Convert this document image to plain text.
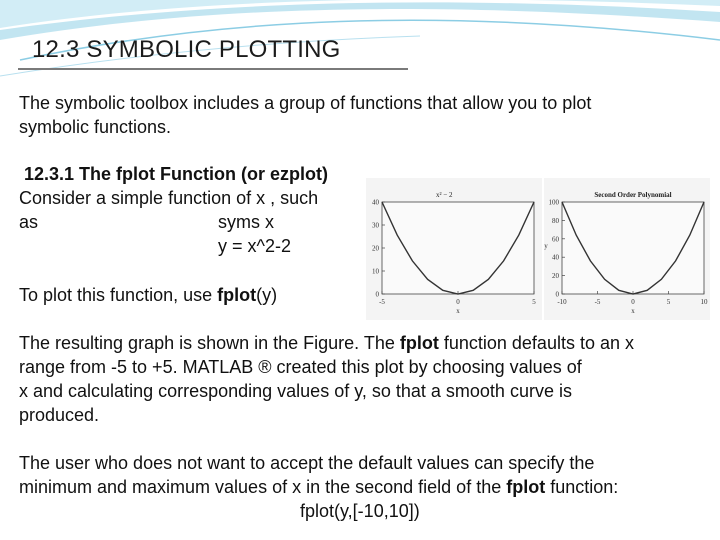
12.3 SYMBOLIC PLOTTING

The symbolic toolbox includes a group of functions that allow you to plot

symbolic functions.

12.3.1 The fplot Function (or ezplot)

Consider a simple function of x , such

as	syms x

y = x^2-2

To plot this function, use fplot(y)

x² − 2
-5	0	5
0
10
20
30
40
x
Second Order Polynomial
-10	-5	0	5	10
0
20
40
60
80
100
x
y

The resulting graph is shown in the Figure. The fplot function defaults to an x

range from -5 to +5. MATLAB ® created this plot by choosing values of

x and calculating corresponding values of y, so that a smooth curve is

produced.

The user who does not want to accept the default values can specify the

minimum and maximum values of x in the second field of the fplot function:

fplot(y,[-10,10])
